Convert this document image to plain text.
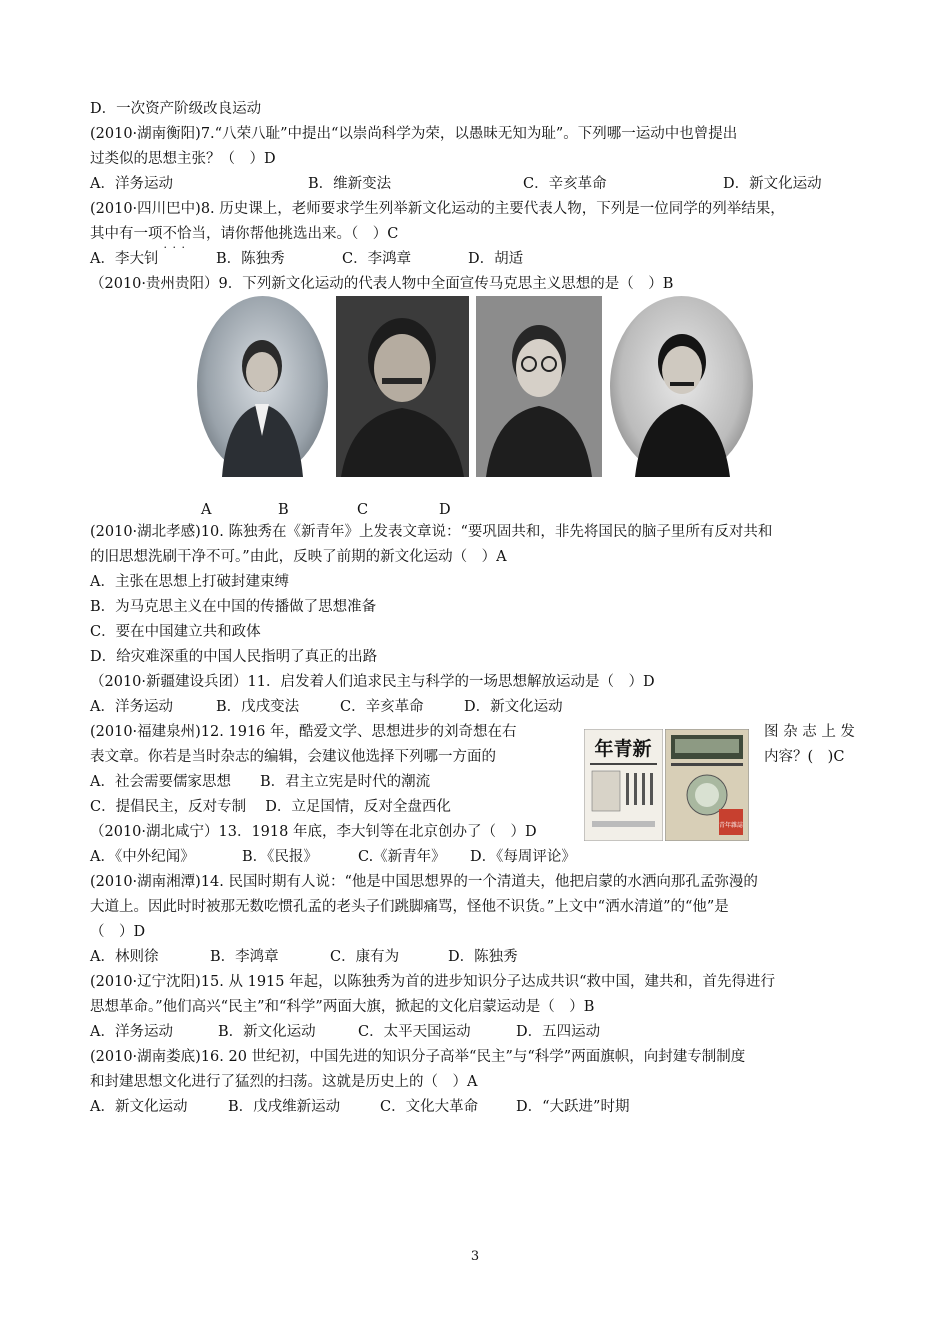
D．一次资产阶级改良运动
(2010·湖南衡阳)7.“八荣八耻”中提出“以崇尚科学为荣，以愚昧无知为耻”。下列哪一运动中也曾提出
过类似的思想主张？（　）D
A．洋务运动	B．维新变法	C．辛亥革命	D．新文化运动
(2010·四川巴中)8. 历史课上，老师要求学生列举新文化运动的主要代表人物，下列是一位同学的列举结果，
其中有一项不恰当 · · ·，请你帮他挑选出来。（　）C
A．李大钊	B．陈独秀	C．李鸿章	D．胡适
（2010·贵州贵阳）9．下列新文化运动的代表人物中全面宣传马克思主义思想的是（　）B
A	B	C	D
(2010·湖北孝感)10. 陈独秀在《新青年》上发表文章说：“要巩固共和，非先将国民的脑子里所有反对共和
的旧思想洗刷干净不可。”由此，反映了前期的新文化运动（　）A
A．主张在思想上打破封建束缚
B．为马克思主义在中国的传播做了思想准备
C．要在中国建立共和政体
D．给灾难深重的中国人民指明了真正的出路
（2010·新疆建设兵团）11．启发着人们追求民主与科学的一场思想解放运动是（　）D
A．洋务运动	B．戊戌变法	C．辛亥革命	D．新文化运动
(2010·福建泉州)12. 1916 年，酷爱文学、思想进步的刘奇想在右	图 杂 志 上 发
表文章。你若是当时杂志的编辑，会建议他选择下列哪一方面的	内容？(　)C
A．社会需要儒家思想　　B．君主立宪是时代的潮流
C．提倡民主，反对专制　 D．立足国情，反对全盘西化
年青新
青年雜誌
（2010·湖北咸宁）13．1918 年底，李大钊等在北京创办了（　）D
A．《中外纪闻》	B．《民报》	C.《新青年》 D．《每周评论》
(2010·湖南湘潭)14. 民国时期有人说：“他是中国思想界的一个清道夫，他把启蒙的水洒向那孔孟弥漫的
大道上。因此时时被那无数吃惯孔孟的老头子们跳脚痛骂，怪他不识货。”上文中“洒水清道”的“他”是
（　）D
A．林则徐	B．李鸿章	C．康有为	D．陈独秀
(2010·辽宁沈阳)15. 从 1915 年起，以陈独秀为首的进步知识分子达成共识“救中国，建共和，首先得进行
思想革命。”他们高兴“民主”和“科学”两面大旗，掀起的文化启蒙运动是（　）B
A．洋务运动	B．新文化运动	C．太平天国运动	D．五四运动
(2010·湖南娄底)16. 20 世纪初，中国先进的知识分子高举“民主”与“科学”两面旗帜，向封建专制制度
和封建思想文化进行了猛烈的扫荡。这就是历史上的（　）A
A．新文化运动	B．戊戌维新运动	C．文化大革命	D．“大跃进”时期
3
